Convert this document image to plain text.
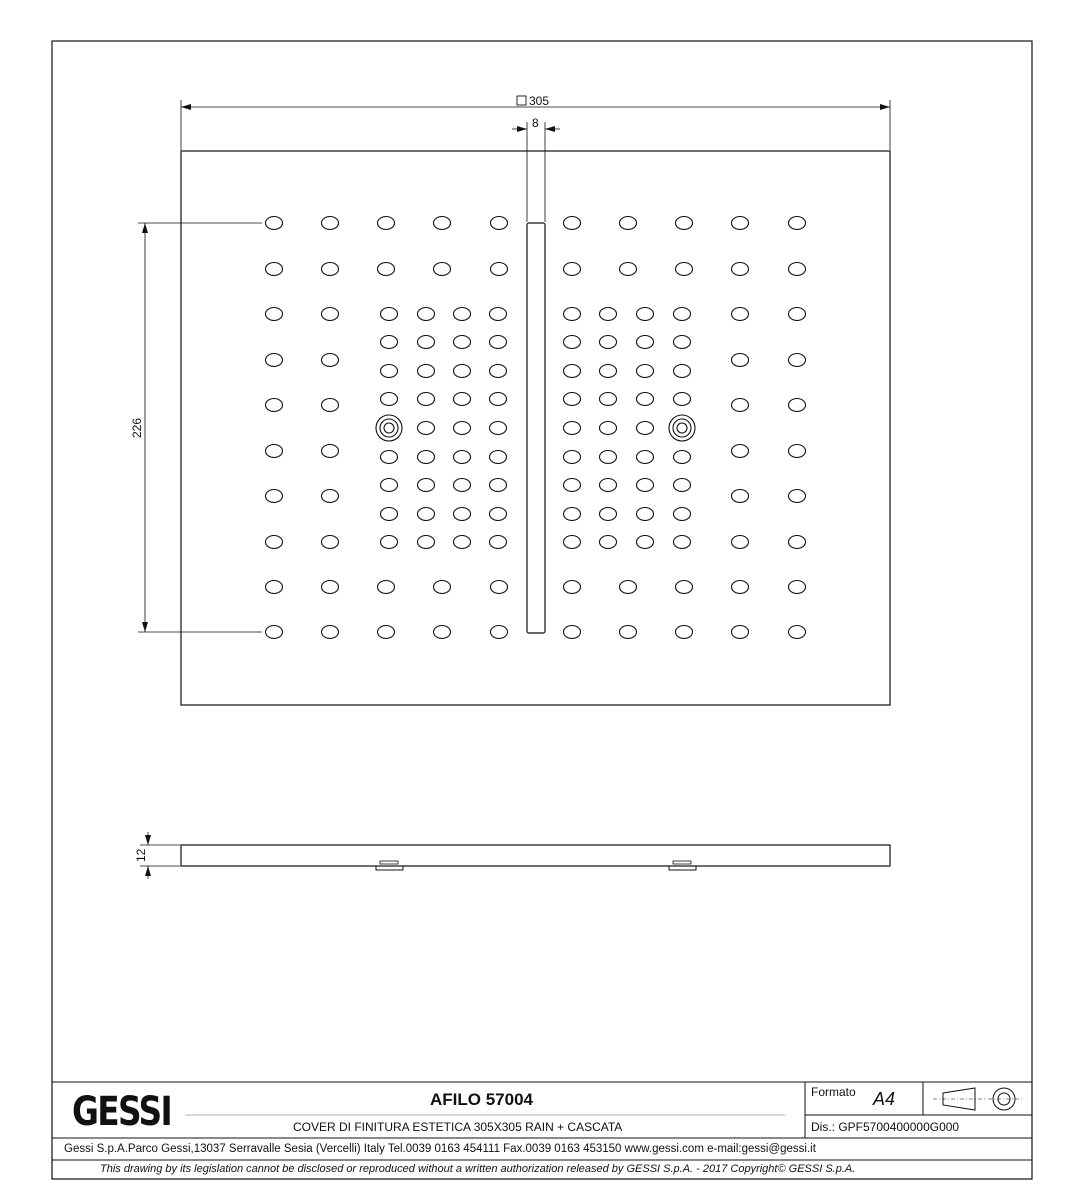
305
8
226
12
GESSI	AFILO 57004
COVER DI FINITURA ESTETICA 305X305 RAIN + CASCATA
Formato A4
Dis.: GPF5700400000G000
Gessi S.p.A.Parco Gessi,13037 Serravalle Sesia (Vercelli) Italy Tel.0039 0163 454111 Fax.0039 0163 453150 www.gessi.com e-mail:gessi@gessi.it
This drawing by its legislation cannot be disclosed or reproduced without a written authorization released by GESSI S.p.A. - 2017 Copyright© GESSI S.p.A.
